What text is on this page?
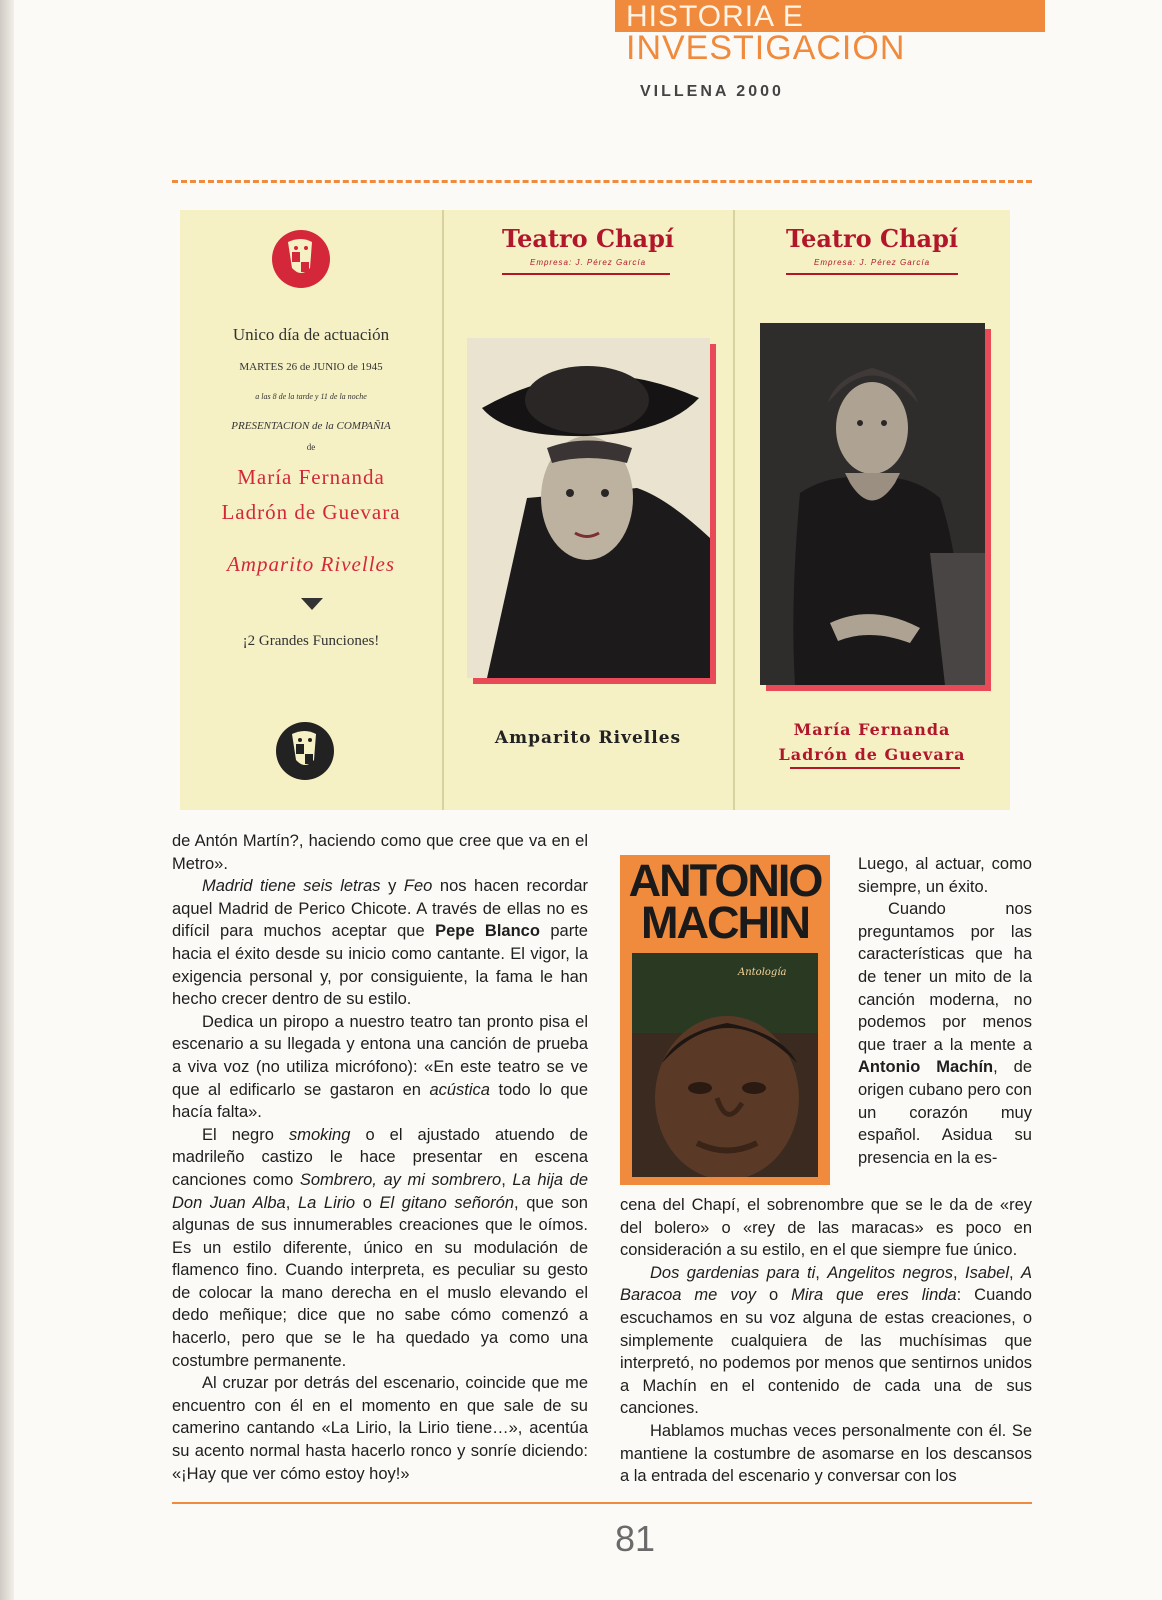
HISTORIA E
INVESTIGACIÓN
VILLENA 2000
Unico día de actuación
MARTES 26 de JUNIO de 1945
a las 8 de la tarde y 11 de la noche
PRESENTACION de la COMPAÑIA
de
María Fernanda
Ladrón de Guevara
Amparito Rivelles
¡2 Grandes Funciones!
Teatro Chapí
Empresa: J. Pérez García
Amparito Rivelles
Teatro Chapí
Empresa: J. Pérez García
María Fernanda
Ladrón de Guevara

de Antón Martín?, haciendo como que cree que va en el Metro».

Madrid tiene seis letras y Feo nos hacen recordar aquel Madrid de Perico Chicote. A través de ellas no es difícil para muchos aceptar que Pepe Blanco parte hacia el éxito desde su inicio como cantante. El vigor, la exigencia personal y, por consiguiente, la fama le han hecho crecer dentro de su estilo.

Dedica un piropo a nuestro teatro tan pronto pisa el escenario a su llegada y entona una canción de prueba a viva voz (no utiliza micrófono): «En este teatro se ve que al edificarlo se gastaron en acústica todo lo que hacía falta».

El negro smoking o el ajustado atuendo de madrileño castizo le hace presentar en escena canciones como Sombrero, ay mi sombrero, La hija de Don Juan Alba, La Lirio o El gitano señorón, que son algunas de sus innumerables creaciones que le oímos. Es un estilo diferente, único en su modulación de flamenco fino. Cuando interpreta, es peculiar su gesto de colocar la mano derecha en el muslo elevando el dedo meñique; dice que no sabe cómo comenzó a hacerlo, pero que se le ha quedado ya como una costumbre permanente.

Al cruzar por detrás del escenario, coincide que me encuentro con él en el momento en que sale de su camerino cantando «La Lirio, la Lirio tiene…», acentúa su acento normal hasta hacerlo ronco y sonríe diciendo: «¡Hay que ver cómo estoy hoy!»

ANTONIO
MACHIN
Antología

Luego, al actuar, como siempre, un éxito.

Cuando nos preguntamos por las características que ha de tener un mito de la canción moderna, no podemos por menos que traer a la mente a Antonio Machín, de origen cubano pero con un corazón muy español. Asidua su presencia en la es-

cena del Chapí, el sobrenombre que se le da de «rey del bolero» o «rey de las maracas» es poco en consideración a su estilo, en el que siempre fue único.

Dos gardenias para ti, Angelitos negros, Isabel, A Baracoa me voy o Mira que eres linda: Cuando escuchamos en su voz alguna de estas creaciones, o simplemente cualquiera de las muchísimas que interpretó, no podemos por menos que sentirnos unidos a Machín en el contenido de cada una de sus canciones.

Hablamos muchas veces personalmente con él. Se mantiene la costumbre de asomarse en los descansos a la entrada del escenario y conversar con los

81
